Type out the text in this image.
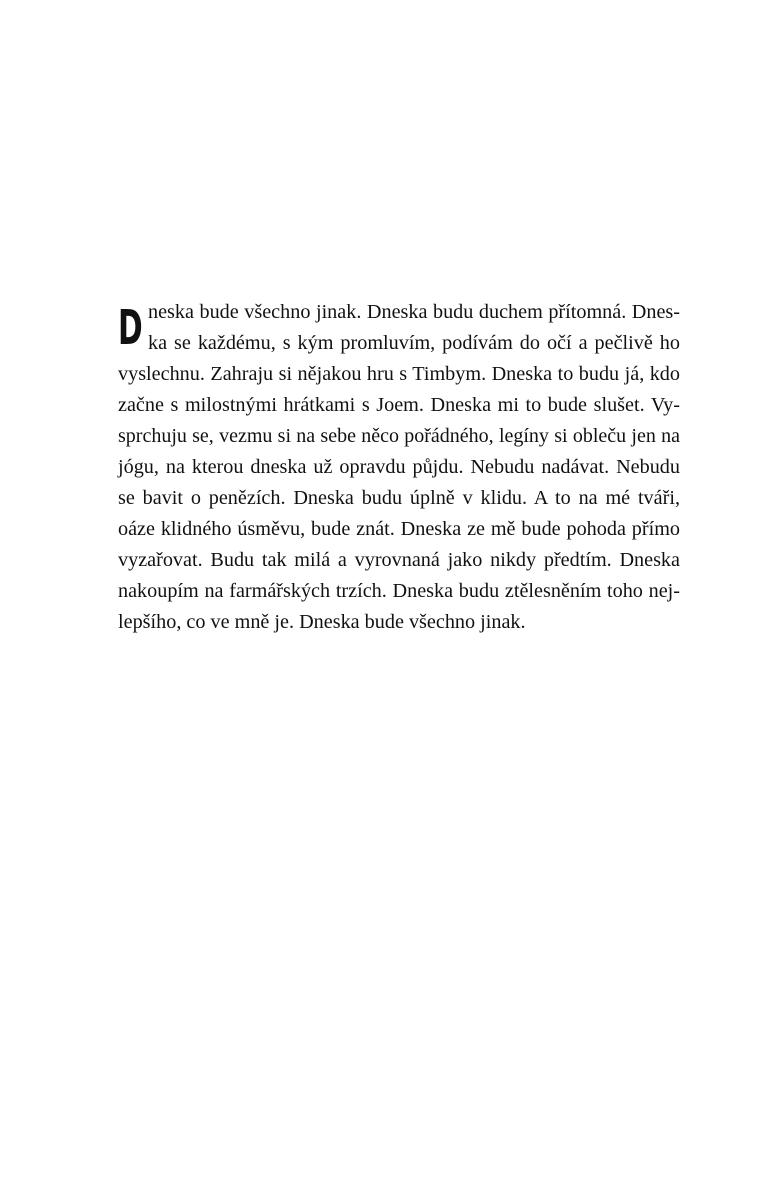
D neska bude všechno jinak. Dneska budu duchem přítomná. Dnes-
ka se každému, s kým promluvím, podívám do očí a pečlivě ho
vyslechnu. Zahraju si nějakou hru s Timbym. Dneska to budu já, kdo
začne s milostnými hrátkami s Joem. Dneska mi to bude slušet. Vy-
sprchuju se, vezmu si na sebe něco pořádného, legíny si obleču jen na
jógu, na kterou dneska už opravdu půjdu. Nebudu nadávat. Nebudu
se bavit o penězích. Dneska budu úplně v klidu. A to na mé tváři,
oáze klidného úsměvu, bude znát. Dneska ze mě bude pohoda přímo
vyzařovat. Budu tak milá a vyrovnaná jako nikdy předtím. Dneska
nakoupím na farmářských trzích. Dneska budu ztělesněním toho nej-
lepšího, co ve mně je. Dneska bude všechno jinak.
